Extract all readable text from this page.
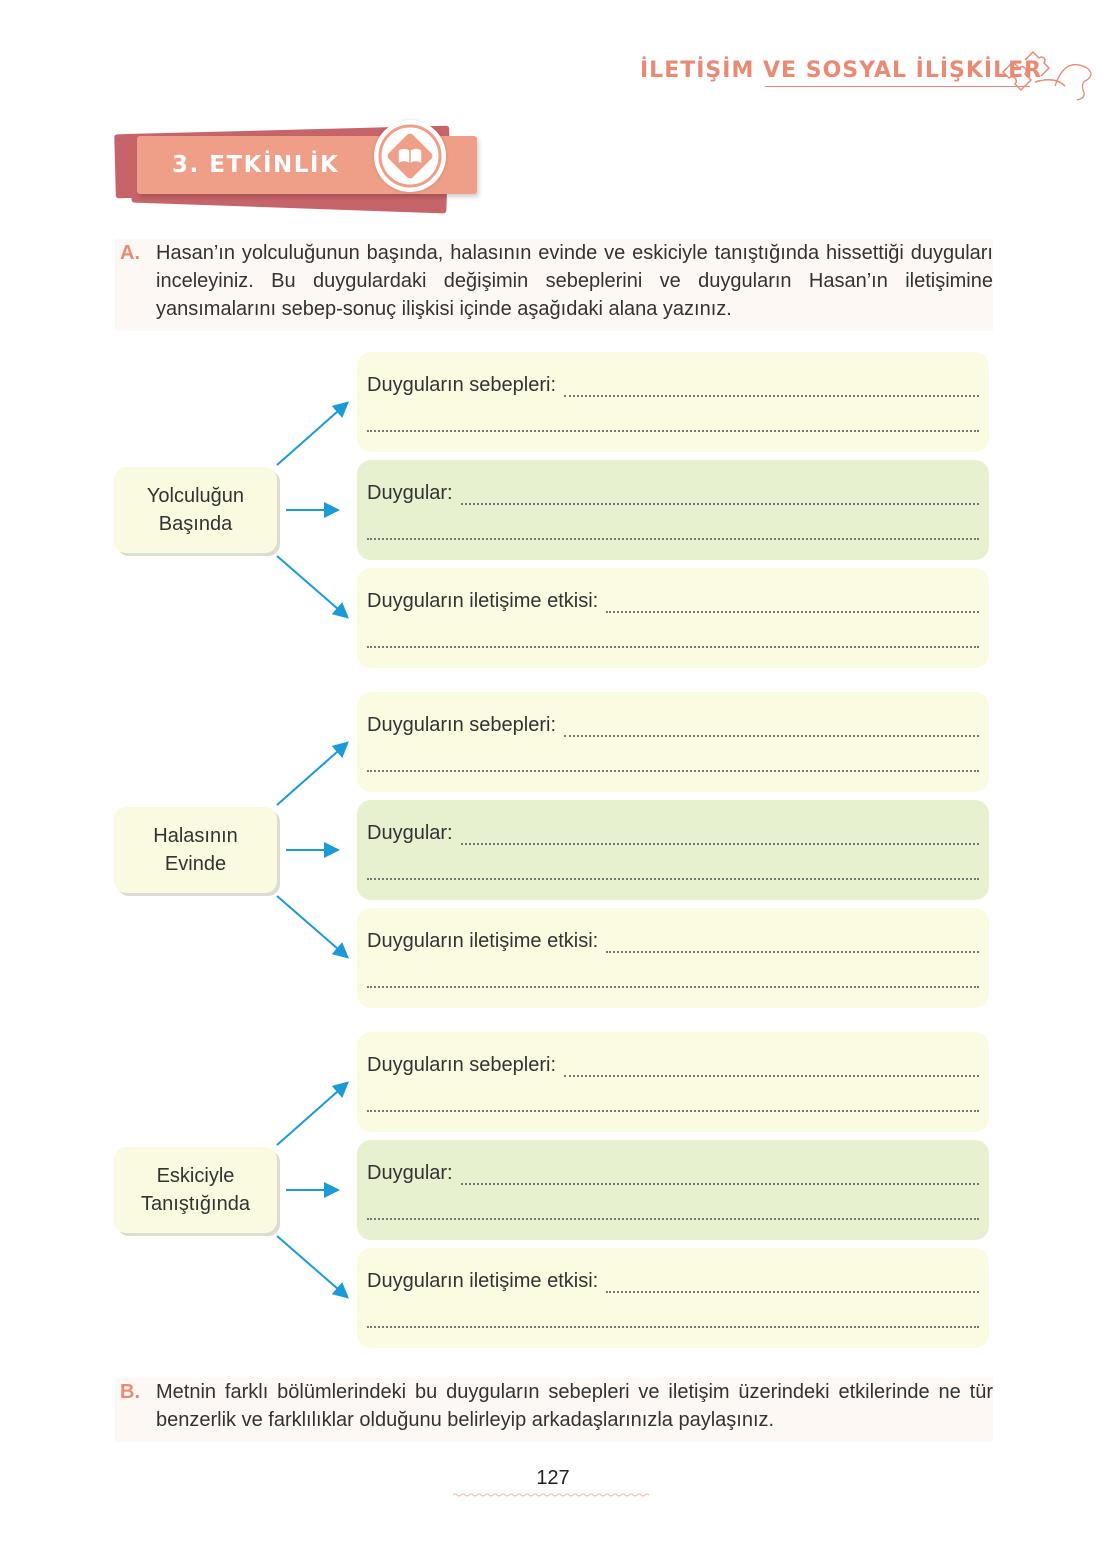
İLETİŞİM VE SOSYAL İLİŞKİLER
3. ETKİNLİK
A. Hasan’ın yolculuğunun başında, halasının evinde ve eskiciyle tanıştığında hissettiği duyguları inceleyiniz. Bu duygulardaki değişimin sebeplerini ve duyguların Hasan’ın iletişimine yansımalarını sebep-sonuç ilişkisi içinde aşağıdaki alana yazınız.
Yolculuğun
Başında
Duyguların sebepleri:
Duygular:
Duyguların iletişime etkisi:
Halasının
Evinde
Duyguların sebepleri:
Duygular:
Duyguların iletişime etkisi:
Eskiciyle
Tanıştığında
Duyguların sebepleri:
Duygular:
Duyguların iletişime etkisi:
B. Metnin farklı bölümlerindeki bu duyguların sebepleri ve iletişim üzerindeki etkilerinde ne tür benzerlik ve farklılıklar olduğunu belirleyip arkadaşlarınızla paylaşınız.
127
